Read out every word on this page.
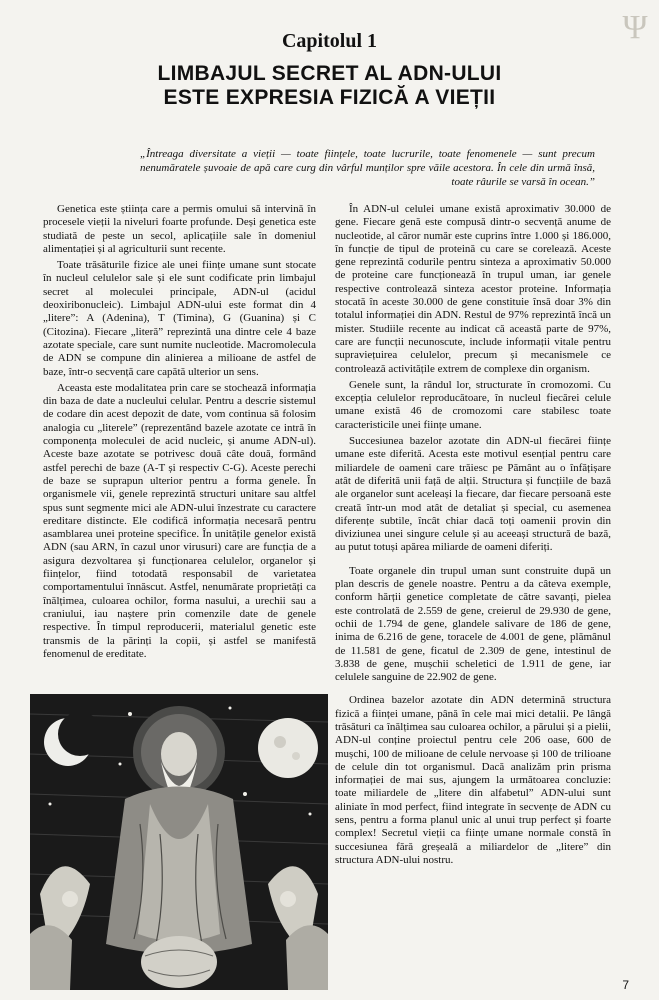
Ψ
Capitolul 1
LIMBAJUL SECRET AL ADN-ULUI
ESTE EXPRESIA FIZICĂ A VIEȚII
„Întreaga diversitate a vieții — toate ființele, toate lucrurile, toate fenomenele — sunt precum nenumăratele șuvoaie de apă care curg din vârful munților spre văile acestora. În cele din urmă însă, toate râurile se varsă în ocean.”

Genetica este știința care a permis omului să intervină în procesele vieții la niveluri foarte profunde. Deși genetica este studiată de peste un secol, aplicațiile sale în domeniul alimentației și al agriculturii sunt recente.

Toate trăsăturile fizice ale unei ființe umane sunt stocate în nucleul celulelor sale și ele sunt codificate prin limbajul secret al moleculei principale, ADN-ul (acidul deoxiribonucleic). Limbajul ADN-ului este format din 4 „litere”: A (Adenina), T (Timina), G (Guanina) și C (Citozina). Fiecare „literă” reprezintă una dintre cele 4 baze azotate speciale, care sunt numite nucleotide. Macromolecula de ADN se compune din alinierea a milioane de astfel de baze, într-o secvență care capătă ulterior un sens.

Aceasta este modalitatea prin care se stochează informația din baza de date a nucleului celular. Pentru a descrie sistemul de codare din acest depozit de date, vom continua să folosim analogia cu „literele” (reprezentând bazele azotate ce intră în componența moleculei de acid nucleic, și anume ADN-ul). Aceste baze azotate se potrivesc două câte două, formând astfel perechi de baze (A-T și respectiv C-G). Aceste perechi de baze se suprapun ulterior pentru a forma genele. În organismele vii, genele reprezintă structuri unitare sau altfel spus sunt segmente mici ale ADN-ului înzestrate cu caractere ereditare distincte. Ele codifică informația necesară pentru asamblarea unei proteine specifice. În unitățile genelor există ADN (sau ARN, în cazul unor virusuri) care are funcția de a asigura dezvoltarea și funcționarea celulelor, organelor și ființelor, fiind totodată responsabil de varietatea comportamentului înnăscut. Astfel, nenumărate proprietăți ca înălțimea, culoarea ochilor, forma nasului, a urechii sau a craniului, iau naștere prin comenzile date de genele respective. În timpul reproducerii, materialul genetic este transmis de la părinți la copii, și astfel se manifestă fenomenul de ereditate.

În ADN-ul celulei umane există aproximativ 30.000 de gene. Fiecare genă este compusă dintr-o secvență anume de nucleotide, al căror număr este cuprins între 1.000 și 186.000, în funcție de tipul de proteină cu care se corelează. Aceste gene reprezintă codurile pentru sinteza a aproximativ 50.000 de proteine care funcționează în trupul uman, iar genele respective controlează sinteza acestor proteine. Informația stocată în aceste 30.000 de gene constituie însă doar 3% din totalul informației din ADN. Restul de 97% reprezintă încă un mister. Studiile recente au indicat că această parte de 97%, care are funcții necunoscute, include informații vitale pentru supraviețuirea celulelor, precum și mecanismele ce controlează activitățile extrem de complexe din organism.

Genele sunt, la rândul lor, structurate în cromozomi. Cu excepția celulelor reproducătoare, în nucleul fiecărei celule umane există 46 de cromozomi care stabilesc toate caracteristicile unei ființe umane.

Succesiunea bazelor azotate din ADN-ul fiecărei ființe umane este diferită. Acesta este motivul esențial pentru care miliardele de oameni care trăiesc pe Pământ au o înfățișare atât de diferită unii față de alții. Structura și funcțiile de bază ale organelor sunt aceleași la fiecare, dar fiecare persoană este creată într-un mod atât de detaliat și special, cu asemenea diferențe subtile, încât chiar dacă toți oamenii provin din diviziunea unei singure celule și au aceeași structură de bază, au putut totuși apărea miliarde de oameni diferiți.

Toate organele din trupul uman sunt construite după un plan descris de genele noastre. Pentru a da câteva exemple, conform hărții genetice completate de către savanți, pielea este controlată de 2.559 de gene, creierul de 29.930 de gene, ochii de 1.794 de gene, glandele salivare de 186 de gene, inima de 6.216 de gene, toracele de 4.001 de gene, plămânul de 11.581 de gene, ficatul de 2.309 de gene, intestinul de 3.838 de gene, mușchii scheletici de 1.911 de gene, iar celulele sanguine de 22.902 de gene.

Ordinea bazelor azotate din ADN determină structura fizică a ființei umane, până în cele mai mici detalii. Pe lângă trăsături ca înălțimea sau culoarea ochilor, a părului și a pielii, ADN-ul conține proiectul pentru cele 206 oase, 600 de mușchi, 100 de milioane de celule nervoase și 100 de trilioane de celule din tot organismul. Dacă analizăm prin prisma informației de mai sus, ajungem la următoarea concluzie: toate miliardele de „litere din alfabetul” ADN-ului sunt aliniate în mod perfect, fiind integrate în secvențe de ADN cu sens, pentru a forma planul unic al unui trup perfect și foarte complex! Secretul vieții ca ființe umane normale constă în succesiunea fără greșeală a miliardelor de „litere” din structura ADN-ului nostru.

7
